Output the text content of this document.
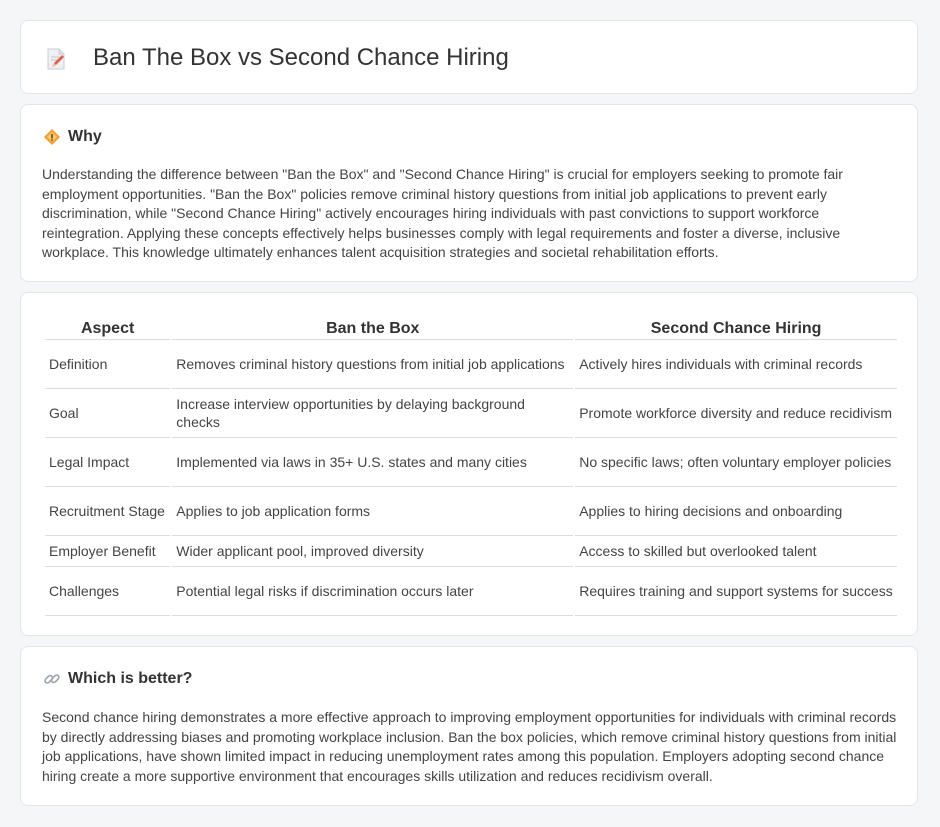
Ban The Box vs Second Chance Hiring
Why

Understanding the difference between "Ban the Box" and "Second Chance Hiring" is crucial for employers seeking to promote fair employment opportunities. "Ban the Box" policies remove criminal history questions from initial job applications to prevent early discrimination, while "Second Chance Hiring" actively encourages hiring individuals with past convictions to support workforce reintegration. Applying these concepts effectively helps businesses comply with legal requirements and foster a diverse, inclusive workplace. This knowledge ultimately enhances talent acquisition strategies and societal rehabilitation efforts.

Aspect	Ban the Box	Second Chance Hiring
Definition	Removes criminal history questions from initial job applications	Actively hires individuals with criminal records
Goal	Increase interview opportunities by delaying background checks	Promote workforce diversity and reduce recidivism
Legal Impact	Implemented via laws in 35+ U.S. states and many cities	No specific laws; often voluntary employer policies
Recruitment Stage	Applies to job application forms	Applies to hiring decisions and onboarding
Employer Benefit	Wider applicant pool, improved diversity	Access to skilled but overlooked talent
Challenges	Potential legal risks if discrimination occurs later	Requires training and support systems for success
Which is better?

Second chance hiring demonstrates a more effective approach to improving employment opportunities for individuals with criminal records by directly addressing biases and promoting workplace inclusion. Ban the box policies, which remove criminal history questions from initial job applications, have shown limited impact in reducing unemployment rates among this population. Employers adopting second chance hiring create a more supportive environment that encourages skills utilization and reduces recidivism overall.
